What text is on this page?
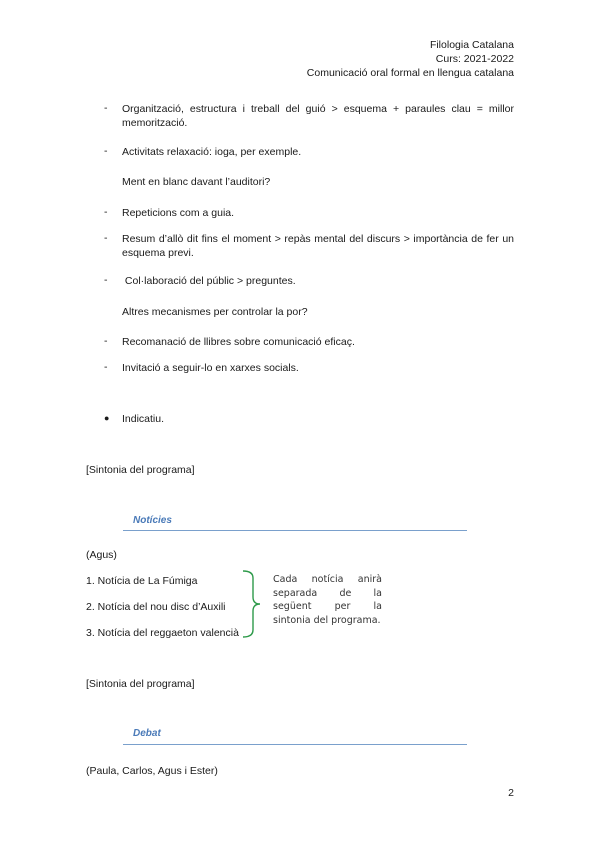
Filologia Catalana
Curs: 2021-2022
Comunicació oral formal en llengua catalana
- Organització, estructura i treball del guió > esquema + paraules clau = millor memorització.
- Activitats relaxació: ioga, per exemple.
Ment en blanc davant l’auditori?
- Repeticions com a guia.
- Resum d’allò dit fins el moment > repàs mental del discurs > importància de fer un esquema previ.
- Col·laboració del públic > preguntes.
Altres mecanismes per controlar la por?
- Recomanació de llibres sobre comunicació eficaç.
- Invitació a seguir-lo en xarxes socials.
● Indicatiu.
[Sintonia del programa]
Notícies
(Agus)
1. Notícia de La Fúmiga
2. Notícia del nou disc d’Auxili
3. Notícia del reggaeton valencià
Cada notícia anirà separada de la següent per la sintonia del programa.
[Sintonia del programa]
Debat
(Paula, Carlos, Agus i Ester)
2
